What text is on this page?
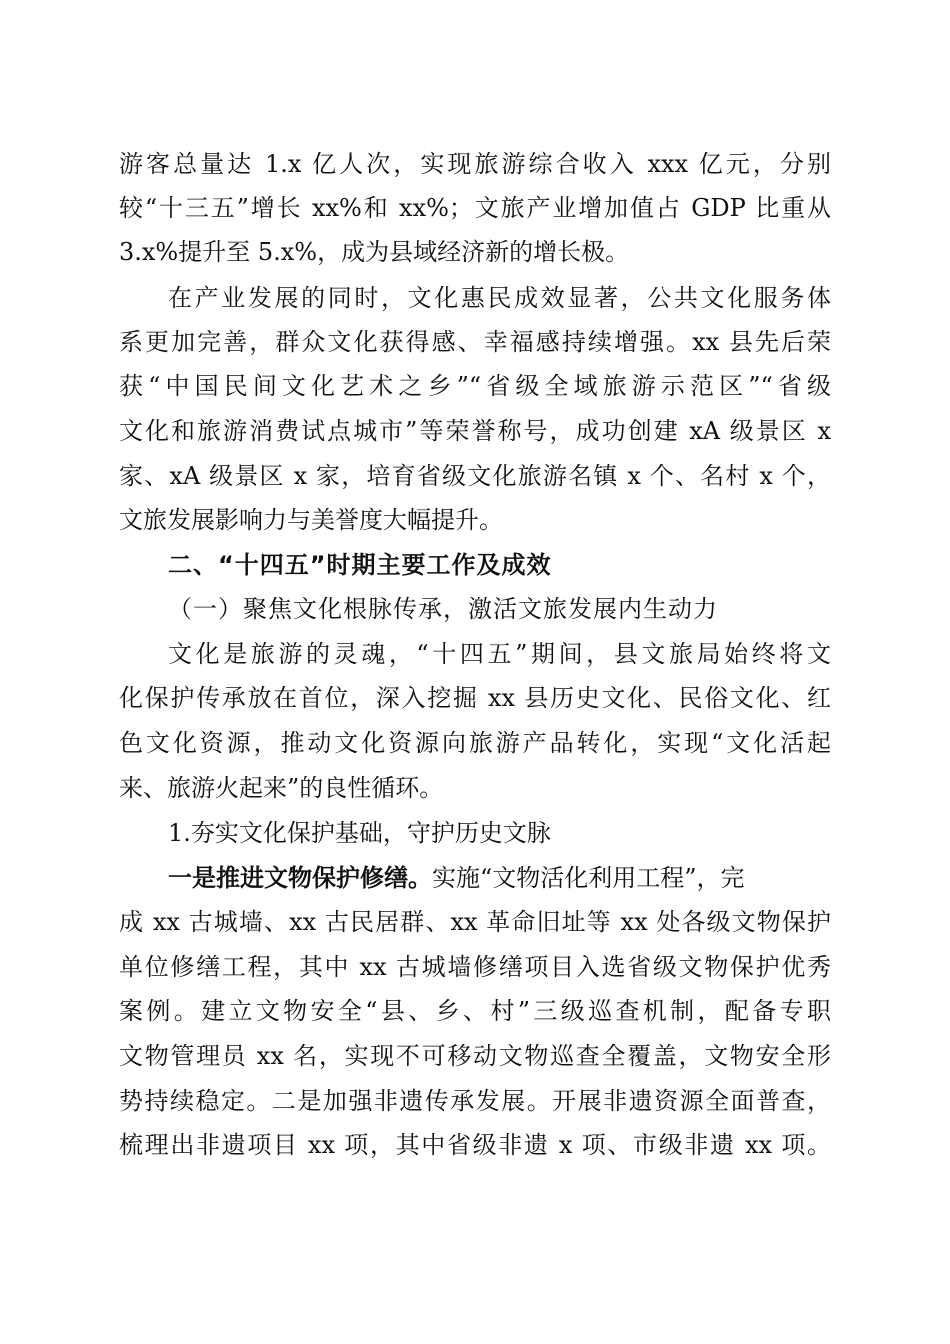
游客总量达 1.x 亿人次，实现旅游综合收入 xxx 亿元，分别
较“十三五”增长 xx%和 xx%；文旅产业增加值占 GDP 比重从
3.x%提升至 5.x%，成为县域经济新的增长极。
在产业发展的同时，文化惠民成效显著，公共文化服务体
系更加完善，群众文化获得感、幸福感持续增强。xx 县先后荣
获“中国民间文化艺术之乡”“省级全域旅游示范区”“省级
文化和旅游消费试点城市”等荣誉称号，成功创建 xA 级景区 x
家、xA 级景区 x 家，培育省级文化旅游名镇 x 个、名村 x 个，
文旅发展影响力与美誉度大幅提升。
二、“十四五”时期主要工作及成效
（一）聚焦文化根脉传承，激活文旅发展内生动力
文化是旅游的灵魂，“十四五”期间，县文旅局始终将文
化保护传承放在首位，深入挖掘 xx 县历史文化、民俗文化、红
色文化资源，推动文化资源向旅游产品转化，实现“文化活起
来、旅游火起来”的良性循环。
1.夯实文化保护基础，守护历史文脉
一是推进文物保护修缮。实施“文物活化利用工程”，完
成 xx 古城墙、xx 古民居群、xx 革命旧址等 xx 处各级文物保护
单位修缮工程，其中 xx 古城墙修缮项目入选省级文物保护优秀
案例。建立文物安全“县、乡、村”三级巡查机制，配备专职
文物管理员 xx 名，实现不可移动文物巡查全覆盖，文物安全形
势持续稳定。二是加强非遗传承发展。开展非遗资源全面普查，
梳理出非遗项目 xx 项，其中省级非遗 x 项、市级非遗 xx 项。
